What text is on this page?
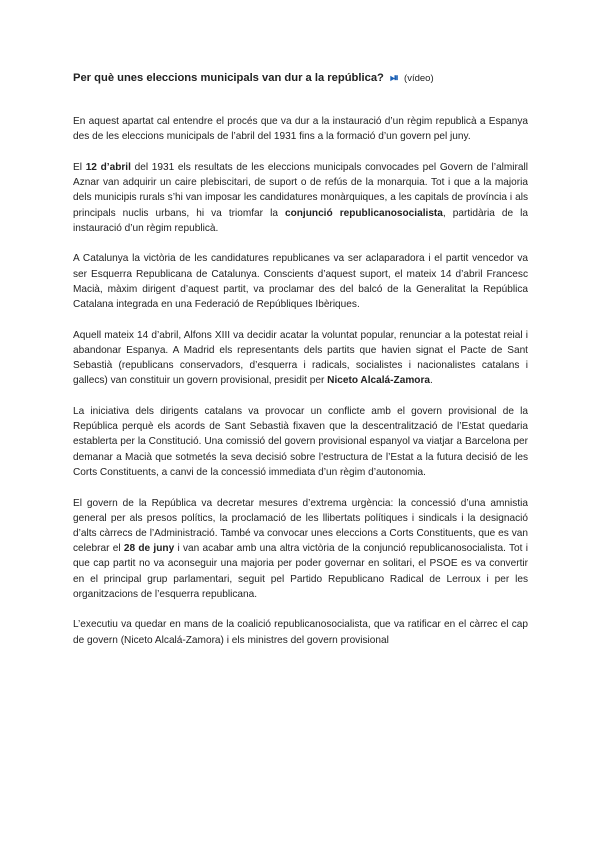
Per què unes eleccions municipals van dur a la república? ⏯ (vídeo)

En aquest apartat cal entendre el procés que va dur a la instauració d’un règim republicà a Espanya des de les eleccions municipals de l’abril del 1931 fins a la formació d’un govern pel juny.

El 12 d’abril del 1931 els resultats de les eleccions municipals convocades pel Govern de l’almirall Aznar van adquirir un caire plebiscitari, de suport o de refús de la monarquia. Tot i que a la majoria dels municipis rurals s’hi van imposar les candidatures monàrquiques, a les capitals de província i als principals nuclis urbans, hi va triomfar la conjunció republicanosocialista, partidària de la instauració d’un règim republicà.

A Catalunya la victòria de les candidatures republicanes va ser aclaparadora i el partit vencedor va ser Esquerra Republicana de Catalunya. Conscients d’aquest suport, el mateix 14 d’abril Francesc Macià, màxim dirigent d’aquest partit, va proclamar des del balcó de la Generalitat la República Catalana integrada en una Federació de Repúbliques Ibèriques.

Aquell mateix 14 d’abril, Alfons XIII va decidir acatar la voluntat popular, renunciar a la potestat reial i abandonar Espanya. A Madrid els representants dels partits que havien signat el Pacte de Sant Sebastià (republicans conservadors, d’esquerra i radicals, socialistes i nacionalistes catalans i gallecs) van constituir un govern provisional, presidit per Niceto Alcalá-Zamora.

La iniciativa dels dirigents catalans va provocar un conflicte amb el govern provisional de la República perquè els acords de Sant Sebastià fixaven que la descentralització de l’Estat quedaria establerta per la Constitució. Una comissió del govern provisional espanyol va viatjar a Barcelona per demanar a Macià que sotmetés la seva decisió sobre l’estructura de l’Estat a la futura decisió de les Corts Constituents, a canvi de la concessió immediata d’un règim d’autonomia.

El govern de la República va decretar mesures d’extrema urgència: la concessió d’una amnistia general per als presos polítics, la proclamació de les llibertats polítiques i sindicals i la designació d’alts càrrecs de l’Administració. També va convocar unes eleccions a Corts Constituents, que es van celebrar el 28 de juny i van acabar amb una altra victòria de la conjunció republicanosocialista. Tot i que cap partit no va aconseguir una majoria per poder governar en solitari, el PSOE es va convertir en el principal grup parlamentari, seguit pel Partido Republicano Radical de Lerroux i per les organitzacions de l’esquerra republicana.

L’executiu va quedar en mans de la coalició republicanosocialista, que va ratificar en el càrrec el cap de govern (Niceto Alcalá-Zamora) i els ministres del govern provisional
